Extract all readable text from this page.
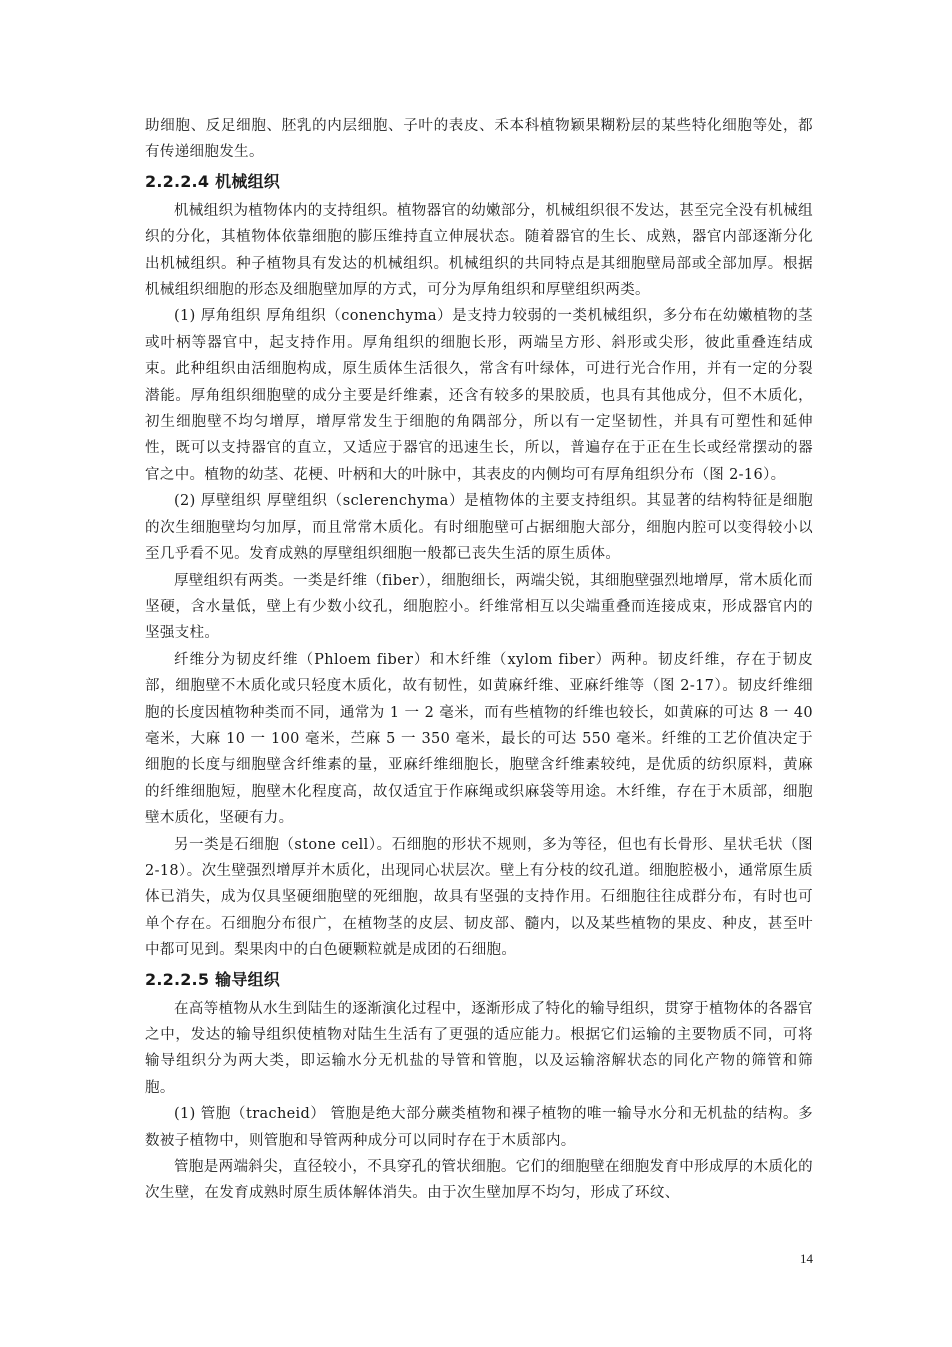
助细胞、反足细胞、胚乳的内层细胞、子叶的表皮、禾本科植物颖果糊粉层的某些特化细胞等处，都有传递细胞发生。

2.2.2.4 机械组织

机械组织为植物体内的支持组织。植物器官的幼嫩部分，机械组织很不发达，甚至完全没有机械组织的分化，其植物体依靠细胞的膨压维持直立伸展状态。随着器官的生长、成熟，器官内部逐渐分化出机械组织。种子植物具有发达的机械组织。机械组织的共同特点是其细胞壁局部或全部加厚。根据机械组织细胞的形态及细胞壁加厚的方式，可分为厚角组织和厚壁组织两类。

(1) 厚角组织 厚角组织（conenchyma）是支持力较弱的一类机械组织，多分布在幼嫩植物的茎或叶柄等器官中，起支持作用。厚角组织的细胞长形，两端呈方形、斜形或尖形，彼此重叠连结成束。此种组织由活细胞构成，原生质体生活很久，常含有叶绿体，可进行光合作用，并有一定的分裂潜能。厚角组织细胞壁的成分主要是纤维素，还含有较多的果胶质，也具有其他成分，但不木质化，初生细胞壁不均匀增厚，增厚常发生于细胞的角隅部分，所以有一定坚韧性，并具有可塑性和延伸性，既可以支持器官的直立，又适应于器官的迅速生长，所以，普遍存在于正在生长或经常摆动的器官之中。植物的幼茎、花梗、叶柄和大的叶脉中，其表皮的内侧均可有厚角组织分布（图 2-16）。

(2) 厚壁组织 厚壁组织（sclerenchyma）是植物体的主要支持组织。其显著的结构特征是细胞的次生细胞壁均匀加厚，而且常常木质化。有时细胞壁可占据细胞大部分，细胞内腔可以变得较小以至几乎看不见。发育成熟的厚壁组织细胞一般都已丧失生活的原生质体。

厚壁组织有两类。一类是纤维（fiber），细胞细长，两端尖锐，其细胞壁强烈地增厚，常木质化而坚硬，含水量低，壁上有少数小纹孔，细胞腔小。纤维常相互以尖端重叠而连接成束，形成器官内的坚强支柱。

纤维分为韧皮纤维（Phloem fiber）和木纤维（xylom fiber）两种。韧皮纤维，存在于韧皮部，细胞壁不木质化或只轻度木质化，故有韧性，如黄麻纤维、亚麻纤维等（图 2-17）。韧皮纤维细胞的长度因植物种类而不同，通常为 1 一 2 毫米，而有些植物的纤维也较长，如黄麻的可达 8 一 40 毫米，大麻 10 一 100 毫米，苎麻 5 一 350 毫米，最长的可达 550 毫米。纤维的工艺价值决定于细胞的长度与细胞壁含纤维素的量，亚麻纤维细胞长，胞壁含纤维素较纯，是优质的纺织原料，黄麻的纤维细胞短，胞壁木化程度高，故仅适宜于作麻绳或织麻袋等用途。木纤维，存在于木质部，细胞壁木质化，坚硬有力。

另一类是石细胞（stone cell）。石细胞的形状不规则，多为等径，但也有长骨形、星状毛状（图 2-18）。次生壁强烈增厚并木质化，出现同心状层次。壁上有分枝的纹孔道。细胞腔极小，通常原生质体已消失，成为仅具坚硬细胞壁的死细胞，故具有坚强的支持作用。石细胞往往成群分布，有时也可单个存在。石细胞分布很广，在植物茎的皮层、韧皮部、髓内，以及某些植物的果皮、种皮，甚至叶中都可见到。梨果肉中的白色硬颗粒就是成团的石细胞。

2.2.2.5 输导组织

在高等植物从水生到陆生的逐渐演化过程中，逐渐形成了特化的输导组织，贯穿于植物体的各器官之中，发达的输导组织使植物对陆生生活有了更强的适应能力。根据它们运输的主要物质不同，可将输导组织分为两大类，即运输水分无机盐的导管和管胞，以及运输溶解状态的同化产物的筛管和筛胞。

(1) 管胞（tracheid） 管胞是绝大部分蕨类植物和裸子植物的唯一输导水分和无机盐的结构。多数被子植物中，则管胞和导管两种成分可以同时存在于木质部内。

管胞是两端斜尖，直径较小，不具穿孔的管状细胞。它们的细胞壁在细胞发育中形成厚的木质化的次生壁，在发育成熟时原生质体解体消失。由于次生壁加厚不均匀，形成了环纹、

14
